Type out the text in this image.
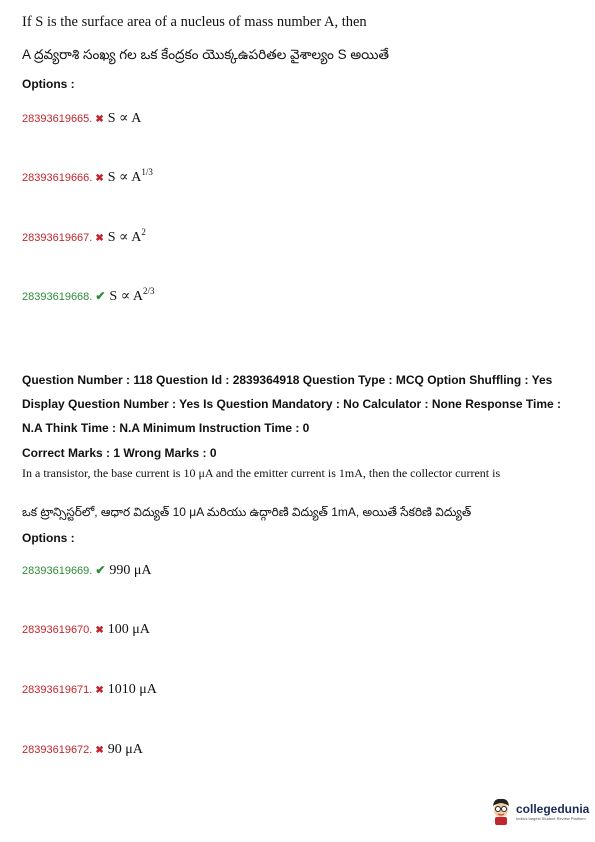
If S is the surface area of a nucleus of mass number A, then
A ద్రవ్యరాశి సంఖ్య గల ఒక కేంద్రకం యొక్కఉపరితల వైశాల్యం S అయితే
Options :
28393619665. ✖ S ∝ A
28393619666. ✖ $S \propto A^{1/3}$
28393619667. ✖ $S \propto A^2$
28393619668. ✔ $S \propto A^{2/3}$
Question Number : 118 Question Id : 2839364918 Question Type : MCQ Option Shuffling : Yes Display Question Number : Yes Is Question Mandatory : No Calculator : None Response Time : N.A Think Time : N.A Minimum Instruction Time : 0
Correct Marks : 1 Wrong Marks : 0
In a transistor, the base current is 10 μA and the emitter current is 1mA, then the collector current is
ఒక ట్రాన్సిస్టర్‌లో, ఆధార విద్యుత్ 10 μA మరియు ఉద్గారిణి విద్యుత్ 1mA, అయితే సేకరిణి విద్యుత్
Options :
28393619669. ✔ 990 μA
28393619670. ✖ 100 μA
28393619671. ✖ 1010 μA
28393619672. ✖ 90 μA
collegedunia
India's largest Student Review Platform
